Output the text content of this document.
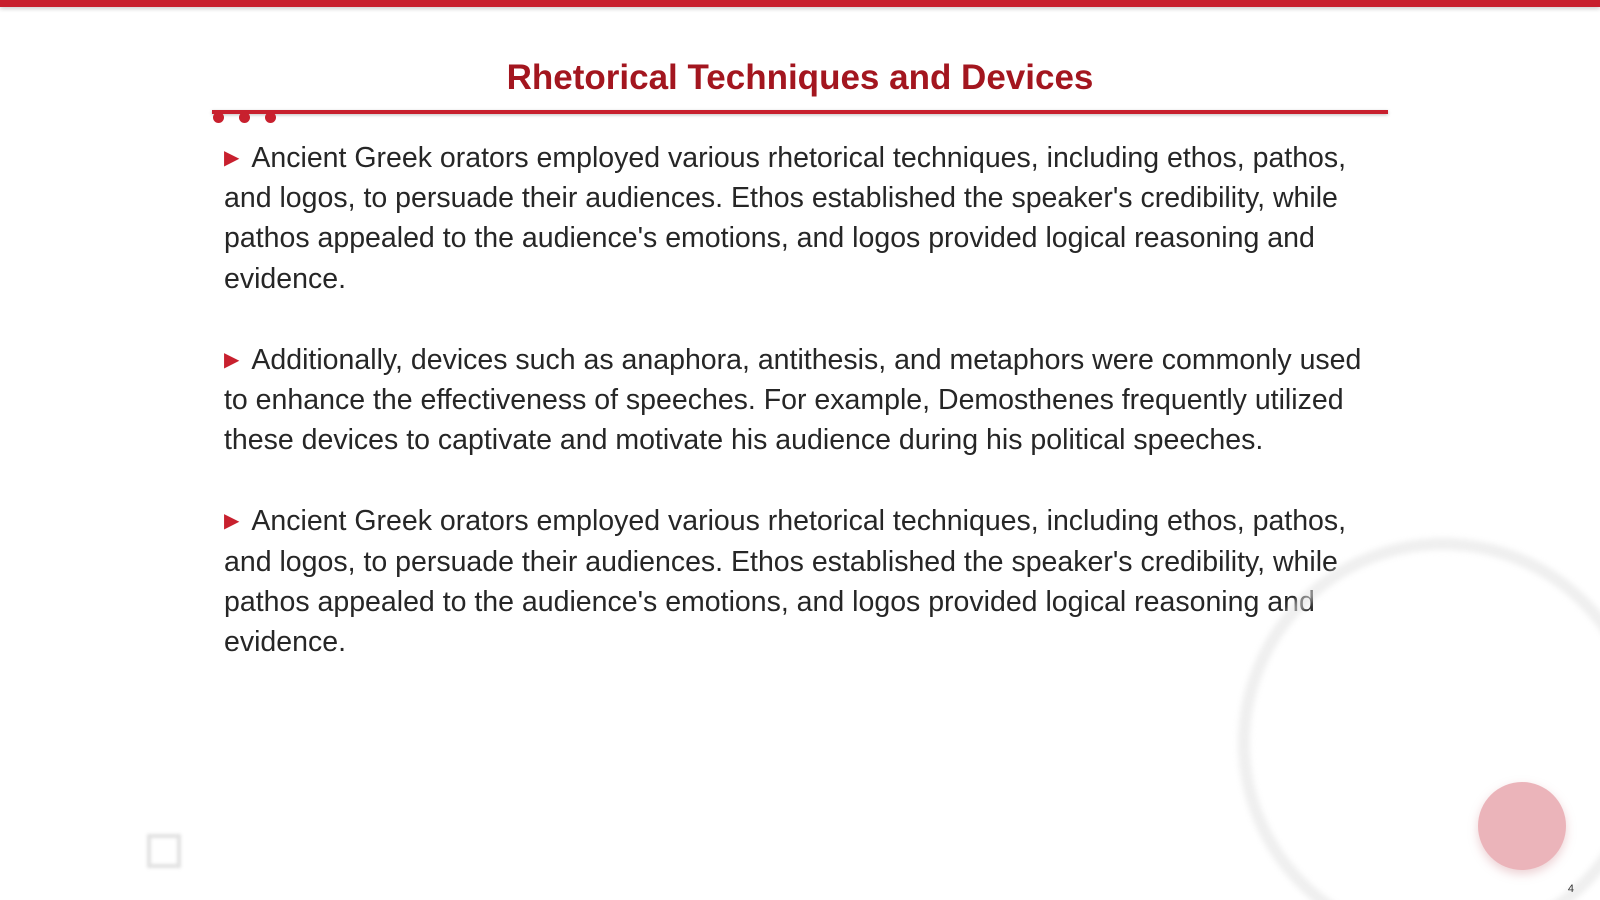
Rhetorical Techniques and Devices

▶ Ancient Greek orators employed various rhetorical techniques, including ethos, pathos, and logos, to persuade their audiences. Ethos established the speaker's credibility, while pathos appealed to the audience's emotions, and logos provided logical reasoning and evidence.

▶ Additionally, devices such as anaphora, antithesis, and metaphors were commonly used to enhance the effectiveness of speeches. For example, Demosthenes frequently utilized these devices to captivate and motivate his audience during his political speeches.

▶ Ancient Greek orators employed various rhetorical techniques, including ethos, pathos, and logos, to persuade their audiences. Ethos established the speaker's credibility, while pathos appealed to the audience's emotions, and logos provided logical reasoning and evidence.

4
